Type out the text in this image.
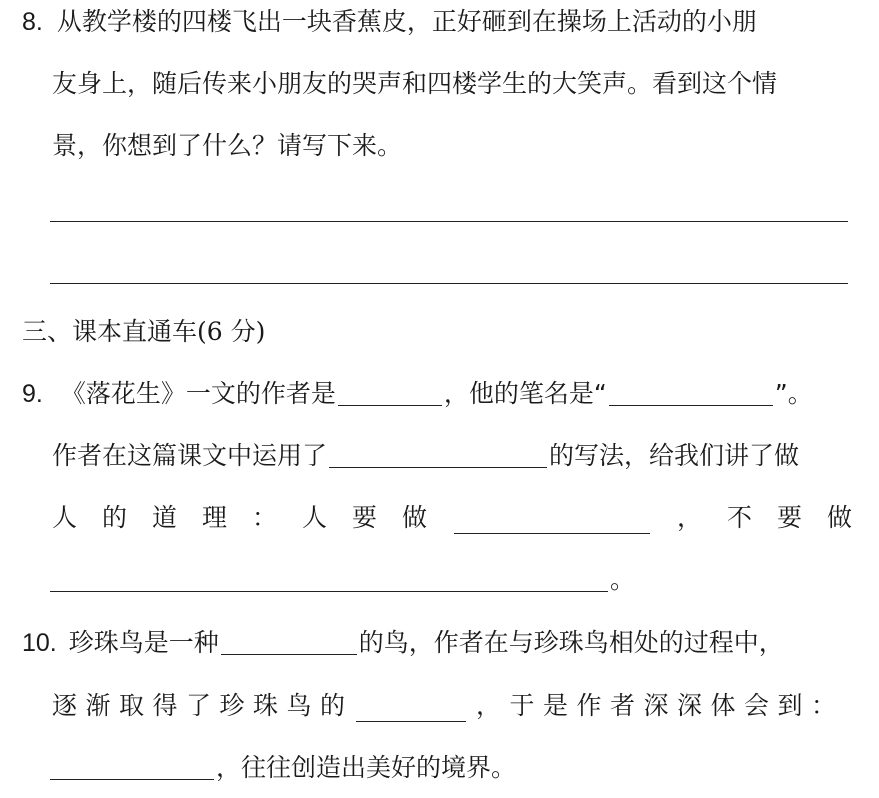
8. 从教学楼的四楼飞出一块香蕉皮，正好砸到在操场上活动的小朋
友身上，随后传来小朋友的哭声和四楼学生的大笑声。看到这个情
景，你想到了什么？请写下来。
三、课本直通车(6 分)
9. 《落花生》一文的作者是	，他的笔名是“	”。
作者在这篇课文中运用了	的写法，给我们讲了做
人 的 道 理 ： 人 要 做	， 不 要 做
。
10. 珍珠鸟是一种	的鸟，作者在与珍珠鸟相处的过程中，
逐 渐 取 得 了 珍 珠 鸟 的	， 于 是 作 者 深 深 体 会 到 ：
，往往创造出美好的境界。
